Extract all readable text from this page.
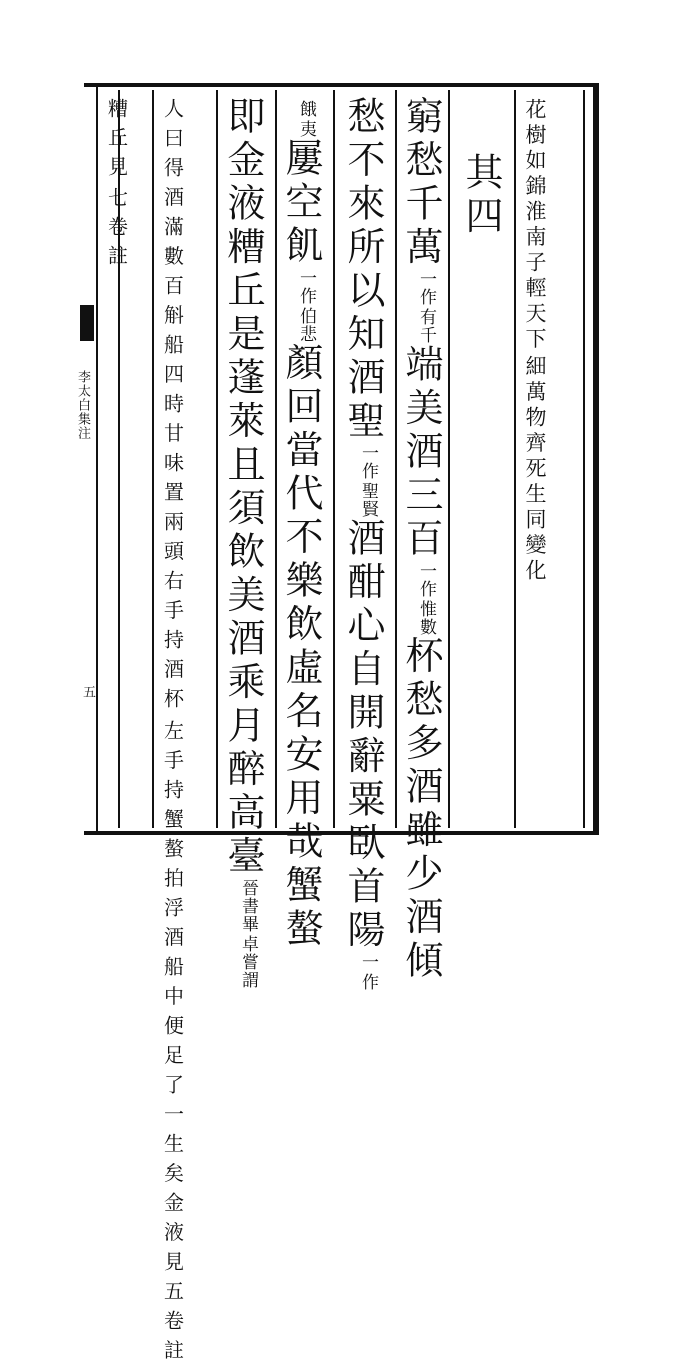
李太白集注
五
花樹如錦淮南子輕天下
細萬物齊死生同變化
其四
窮愁千萬
一作
有千
端美酒三百
一作
惟數
杯愁多酒雖少酒傾
愁不來所以知酒聖
一作
聖賢
酒酣心自開辭粟臥首陽
一
作
餓
夷
屢空飢
一作
伯悲
顏回當代不樂飲虛名安用哉蟹螯
即金液糟丘是蓬萊且須飲美酒乘月醉高臺
晉書畢
卓嘗謂
人曰得酒滿數百斛船四時甘味置兩頭右手持酒杯
左手持蟹螯拍浮酒船中便足了一生矣金液見五卷註
糟丘見
七卷註
